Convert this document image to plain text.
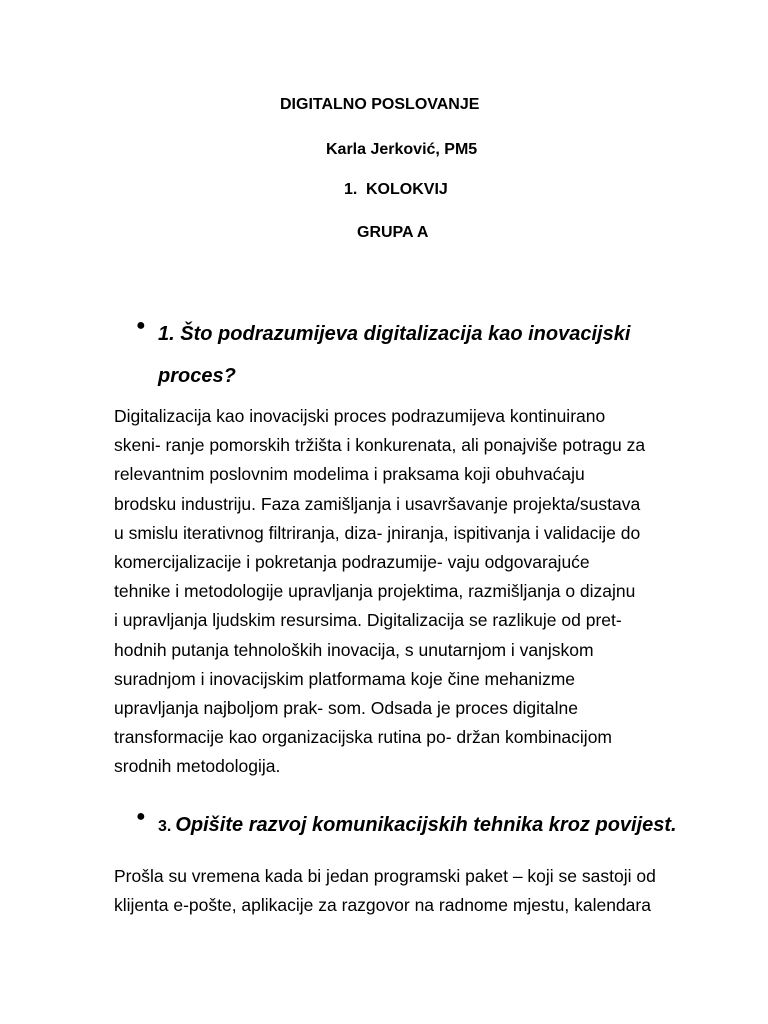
DIGITALNO POSLOVANJE
Karla Jerković, PM5
1. KOLOKVIJ
GRUPA A
● 1. Što podrazumijeva digitalizacija kao inovacijski
proces?
Digitalizacija kao inovacijski proces podrazumijeva kontinuirano
skeni- ranje pomorskih tržišta i konkurenata, ali ponajviše potragu za
relevantnim poslovnim modelima i praksama koji obuhvaćaju
brodsku industriju. Faza zamišljanja i usavršavanje projekta/sustava
u smislu iterativnog filtriranja, diza- jniranja, ispitivanja i validacije do
komercijalizacije i pokretanja podrazumije- vaju odgovarajuće
tehnike i metodologije upravljanja projektima, razmišljanja o dizajnu
i upravljanja ljudskim resursima. Digitalizacija se razlikuje od pret-
hodnih putanja tehnoloških inovacija, s unutarnjom i vanjskom
suradnjom i inovacijskim platformama koje čine mehanizme
upravljanja najboljom prak- som. Odsada je proces digitalne
transformacije kao organizacijska rutina po- držan kombinacijom
srodnih metodologija.
●
3. Opišite razvoj komunikacijskih tehnika kroz povijest.
Prošla su vremena kada bi jedan programski paket – koji se sastoji od
klijenta e-pošte, aplikacije za razgovor na radnome mjestu, kalendara
